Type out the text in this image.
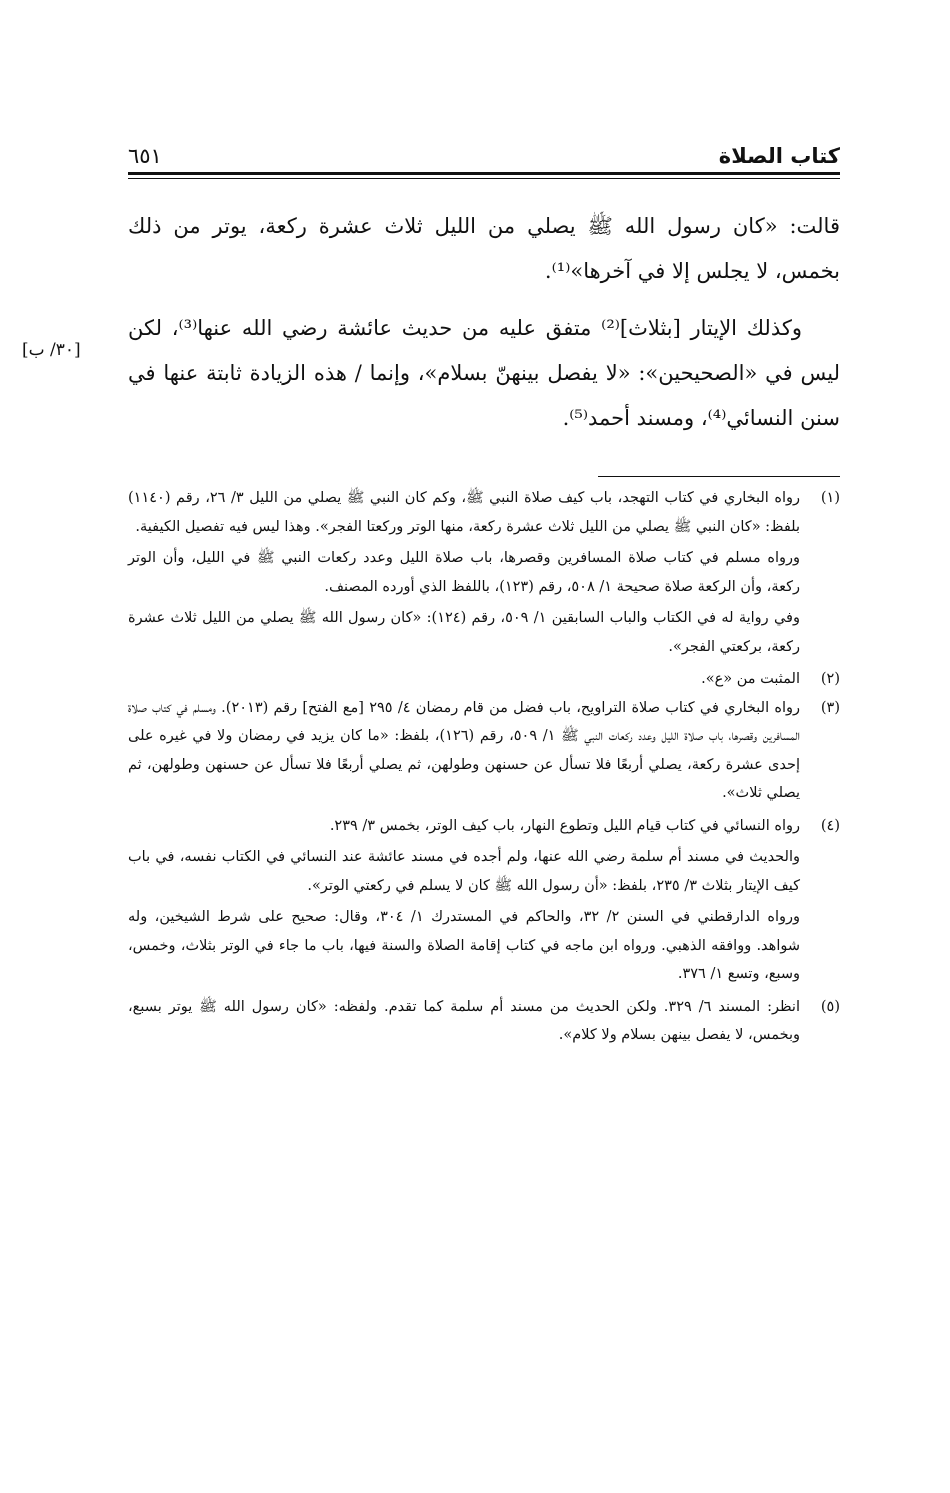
كتاب الصلاة
٦٥١

قالت: «كان رسول الله ﷺ يصلي من الليل ثلاث عشرة ركعة، يوتر من ذلك بخمس، لا يجلس إلا في آخرها»⁽¹⁾.

وكذلك الإيتار [بثلاث]⁽²⁾ متفق عليه من حديث عائشة رضي الله عنها⁽³⁾، لكن ليس في «الصحيحين»: «لا يفصل بينهنّ بسلام»، وإنما / هذه الزيادة ثابتة عنها في سنن النسائي⁽⁴⁾، ومسند أحمد⁽⁵⁾.

[٣٠/ ب]
(١)

رواه البخاري في كتاب التهجد، باب كيف صلاة النبي ﷺ، وكم كان النبي ﷺ يصلي من الليل ٣/ ٢٦، رقم (١١٤٠) بلفظ: «كان النبي ﷺ يصلي من الليل ثلاث عشرة ركعة، منها الوتر وركعتا الفجر». وهذا ليس فيه تفصيل الكيفية.

ورواه مسلم في كتاب صلاة المسافرين وقصرها، باب صلاة الليل وعدد ركعات النبي ﷺ في الليل، وأن الوتر ركعة، وأن الركعة صلاة صحيحة ١/ ٥٠٨، رقم (١٢٣)، باللفظ الذي أورده المصنف.

وفي رواية له في الكتاب والباب السابقين ١/ ٥٠٩، رقم (١٢٤): «كان رسول الله ﷺ يصلي من الليل ثلاث عشرة ركعة، بركعتي الفجر».

(٢)

المثبت من «ع».

(٣)

رواه البخاري في كتاب صلاة التراويح، باب فضل من قام رمضان ٤/ ٢٩٥ [مع الفتح] رقم (٢٠١٣). ومسلم في كتاب صلاة المسافرين وقصرها، باب صلاة الليل وعدد ركعات النبي ﷺ ١/ ٥٠٩، رقم (١٢٦)، بلفظ: «ما كان يزيد في رمضان ولا في غيره على إحدى عشرة ركعة، يصلي أربعًا فلا تسأل عن حسنهن وطولهن، ثم يصلي أربعًا فلا تسأل عن حسنهن وطولهن، ثم يصلي ثلاث».

(٤)

رواه النسائي في كتاب قيام الليل وتطوع النهار، باب كيف الوتر، بخمس ٣/ ٢٣٩.

والحديث في مسند أم سلمة رضي الله عنها، ولم أجده في مسند عائشة عند النسائي في الكتاب نفسه، في باب كيف الإيتار بثلاث ٣/ ٢٣٥، بلفظ: «أن رسول الله ﷺ كان لا يسلم في ركعتي الوتر».

ورواه الدارقطني في السنن ٢/ ٣٢، والحاكم في المستدرك ١/ ٣٠٤، وقال: صحيح على شرط الشيخين، وله شواهد. ووافقه الذهبي. ورواه ابن ماجه في كتاب إقامة الصلاة والسنة فيها، باب ما جاء في الوتر بثلاث، وخمس، وسبع، وتسع ١/ ٣٧٦.

(٥)

انظر: المسند ٦/ ٣٢٩. ولكن الحديث من مسند أم سلمة كما تقدم. ولفظه: «كان رسول الله ﷺ يوتر بسبع، وبخمس، لا يفصل بينهن بسلام ولا كلام».
